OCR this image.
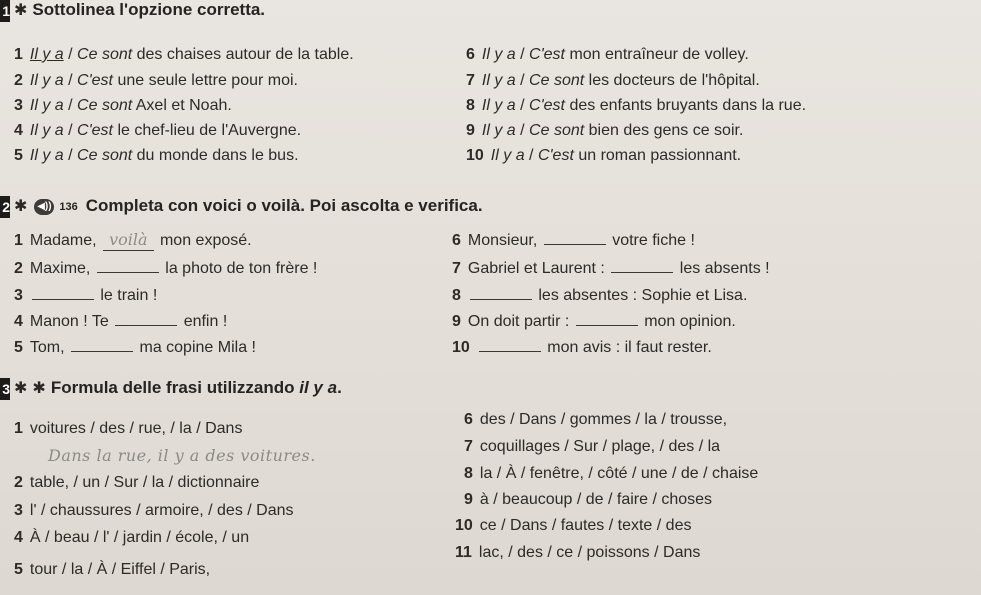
1 ✱ Sottolinea l'opzione corretta.
1 Il y a / Ce sont des chaises autour de la table.
2 Il y a / C'est une seule lettre pour moi.
3 Il y a / Ce sont Axel et Noah.
4 Il y a / C'est le chef-lieu de l'Auvergne.
5 Il y a / Ce sont du monde dans le bus.
6 Il y a / C'est mon entraîneur de volley.
7 Il y a / Ce sont les docteurs de l'hôpital.
8 Il y a / C'est des enfants bruyants dans la rue.
9 Il y a / Ce sont bien des gens ce soir.
10 Il y a / C'est un roman passionnant.
2 ✱ ◀)) 136 Completa con voici o voilà. Poi ascolta e verifica.
1 Madame, voilà mon exposé.
2 Maxime,	la photo de ton frère !
3	le train !
4 Manon ! Te	enfin !
5 Tom,	ma copine Mila !
6 Monsieur,	votre fiche !
7 Gabriel et Laurent :	les absents !
8	les absentes : Sophie et Lisa.
9 On doit partir :	mon opinion.
10	mon avis : il faut rester.
3 ✱ ✱ Formula delle frasi utilizzando il y a.
1 voitures / des / rue, / la / Dans
Dans la rue, il y a des voitures.
2 table, / un / Sur / la / dictionnaire
3 l' / chaussures / armoire, / des / Dans
4 À / beau / l' / jardin / école, / un
5 tour / la / À / Eiffel / Paris,
6 des / Dans / gommes / la / trousse,
7 coquillages / Sur / plage, / des / la
8 la / À / fenêtre, / côté / une / de / chaise
9 à / beaucoup / de / faire / choses
10 ce / Dans / fautes / texte / des
11 lac, / des / ce / poissons / Dans
